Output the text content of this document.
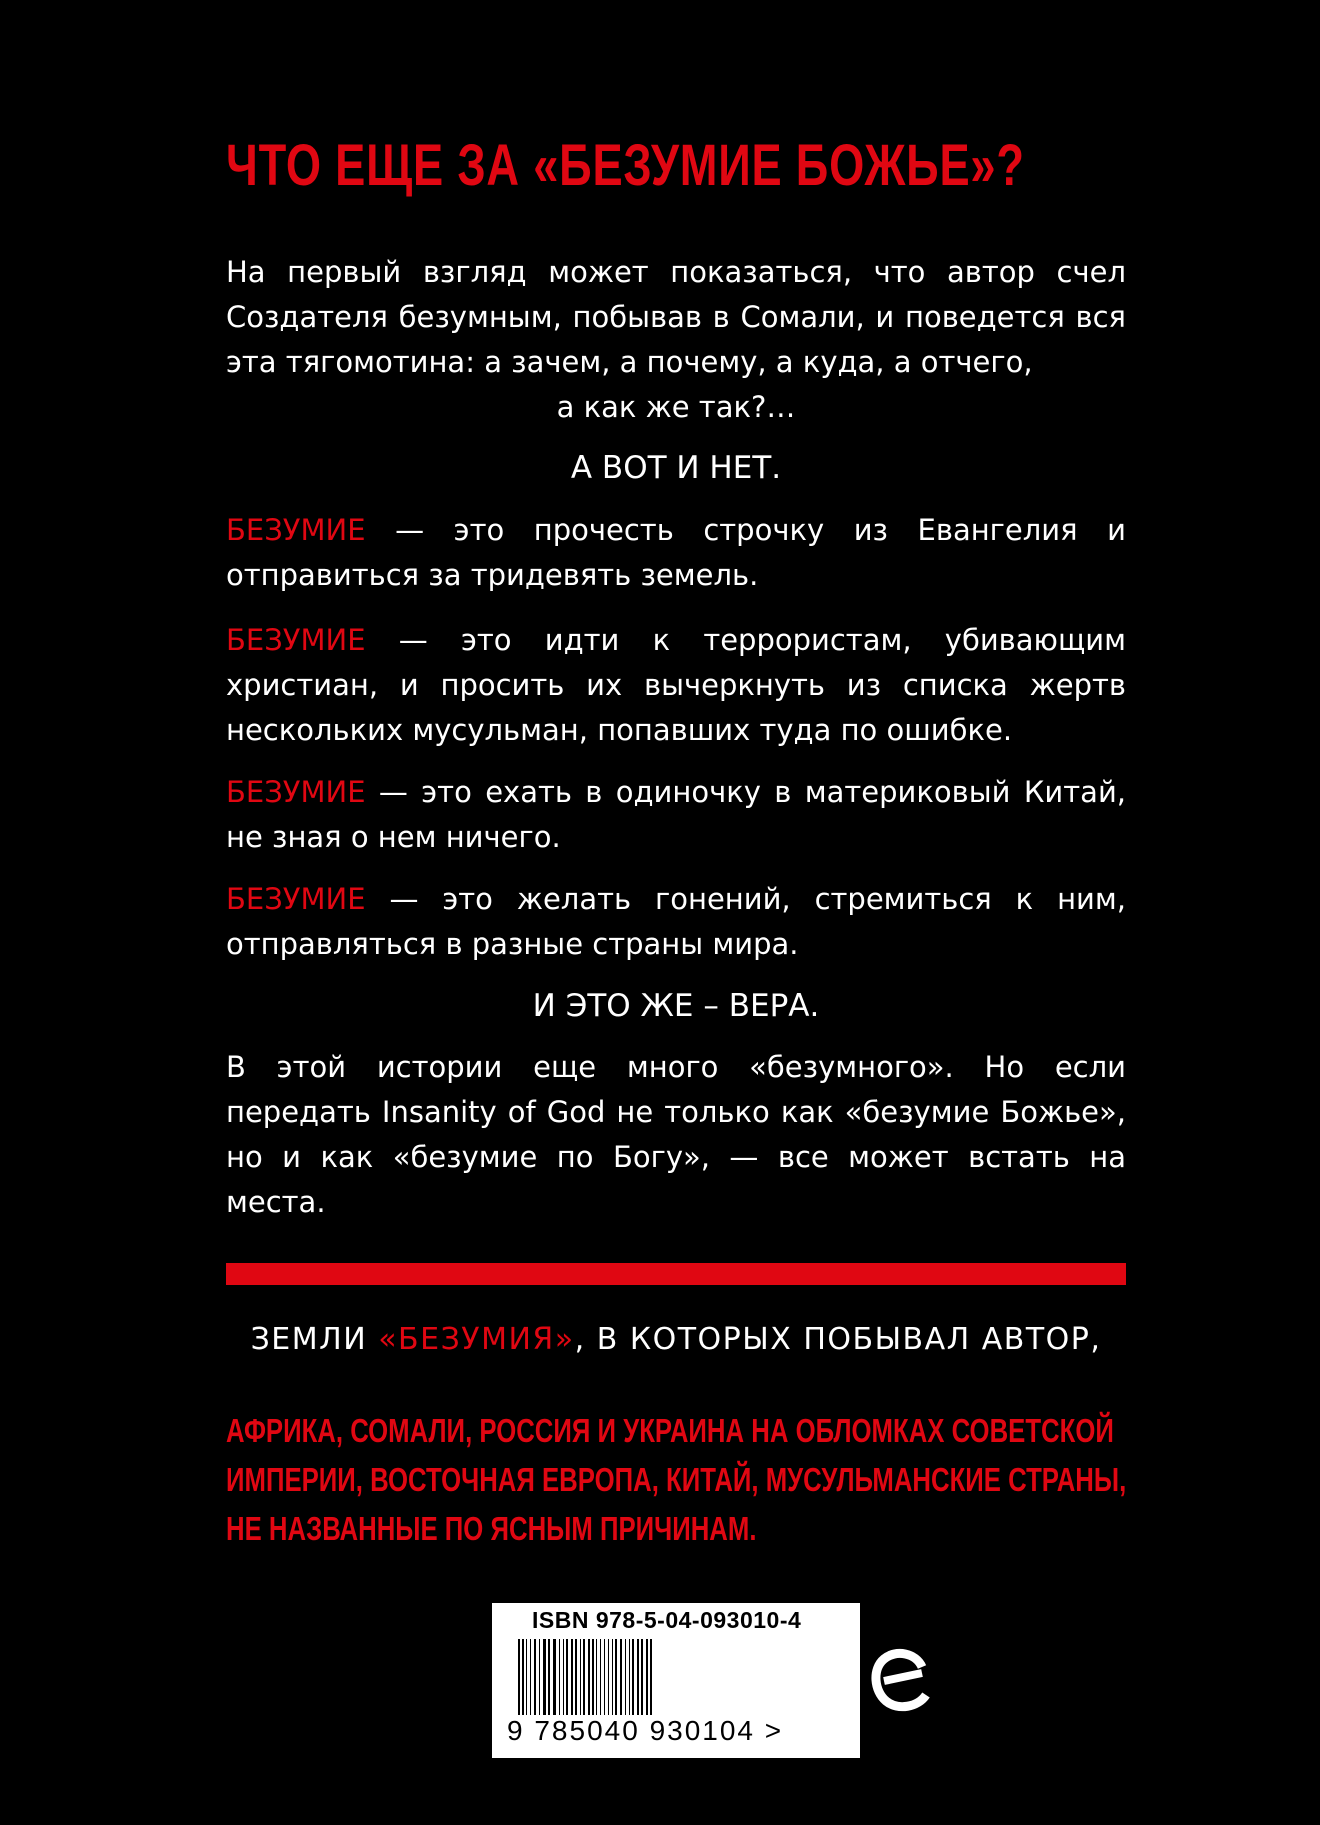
ЧТО ЕЩЕ ЗА «БЕЗУМИЕ БОЖЬЕ»?

На первый взгляд может показаться, что автор счел Создателя безумным, побывав в Сомали, и поведется вся эта тягомотина: а зачем, а почему, а куда, а отчего,

а как же так?…

А ВОТ И НЕТ.

БЕЗУМИЕ — это прочесть строчку из Евангелия и отправиться за тридевять земель.

БЕЗУМИЕ — это идти к террористам, убивающим христиан, и просить их вычеркнуть из списка жертв нескольких мусульман, попавших туда по ошибке.

БЕЗУМИЕ — это ехать в одиночку в материковый Китай, не зная о нем ничего.

БЕЗУМИЕ — это желать гонений, стремиться к ним, отправляться в разные страны мира.

И ЭТО ЖЕ – ВЕРА.

В этой истории еще много «безумного». Но если передать Insanity of God не только как «безумие Божье», но и как «безумие по Богу», — все может встать на места.

ЗЕМЛИ «БЕЗУМИЯ», В КОТОРЫХ ПОБЫВАЛ АВТОР,
АФРИКА, СОМАЛИ, РОССИЯ И УКРАИНА НА ОБЛОМКАХ СОВЕТСКОЙ ИМПЕРИИ, ВОСТОЧНАЯ ЕВРОПА, КИТАЙ, МУСУЛЬМАНСКИЕ СТРАНЫ, НЕ НАЗВАННЫЕ ПО ЯСНЫМ ПРИЧИНАМ.
ISBN 978-5-04-093010-4
9 785040 930104 >
